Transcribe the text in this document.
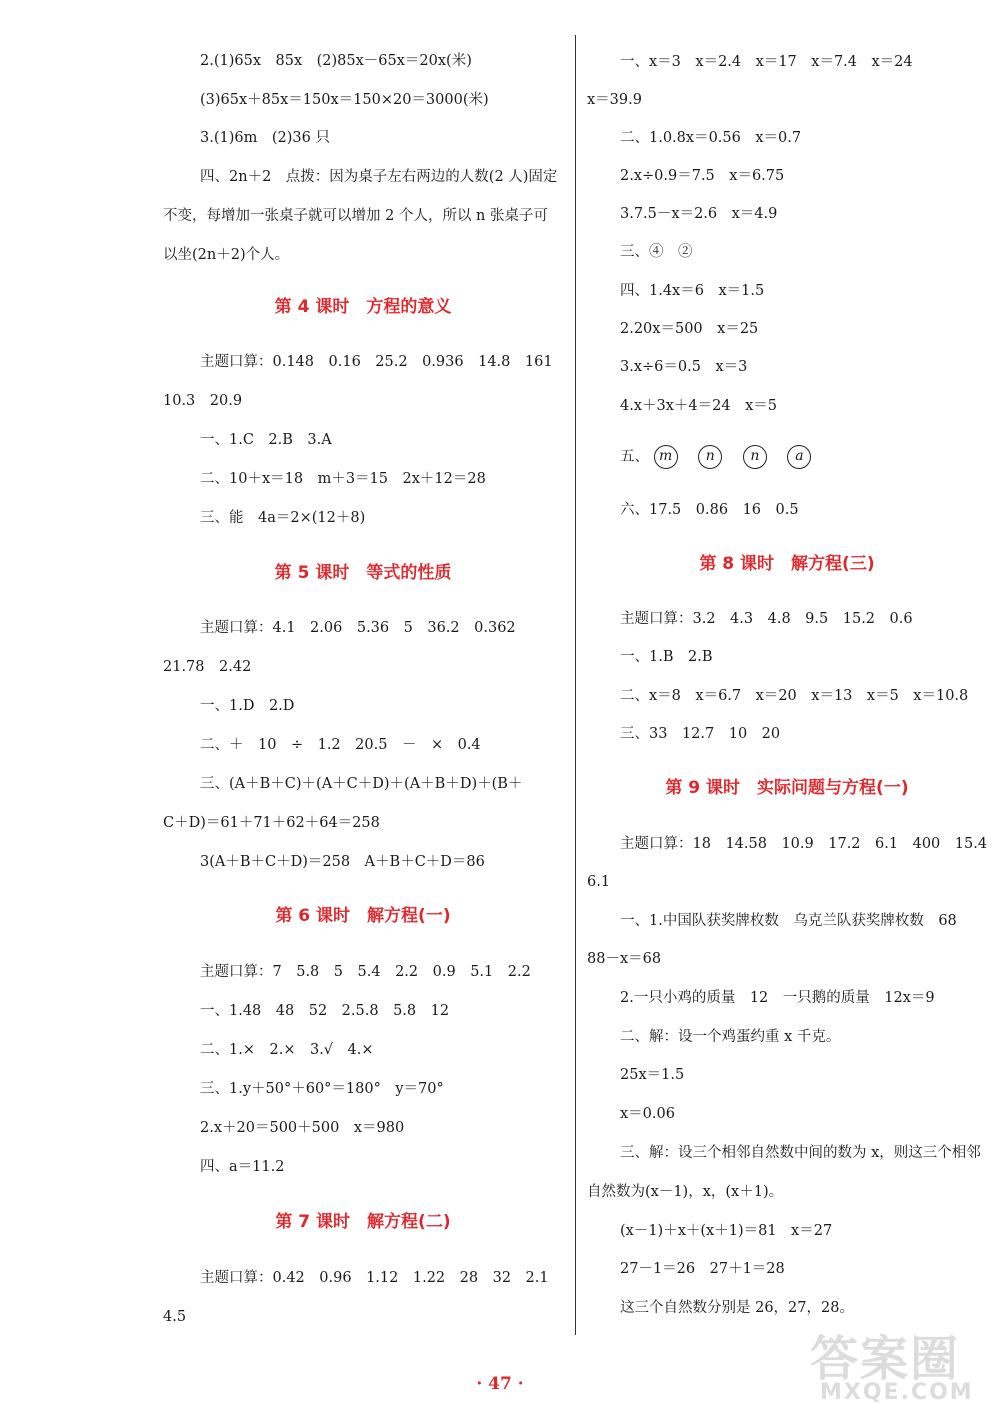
2.(1)65x　85x　(2)85x－65x＝20x(米)
(3)65x＋85x＝150x＝150×20＝3000(米)
3.(1)6m　(2)36 只
四、2n＋2　点拨：因为桌子左右两边的人数(2 人)固定
不变，每增加一张桌子就可以增加 2 个人，所以 n 张桌子可
以坐(2n＋2)个人。
第 4 课时　方程的意义
主题口算：0.148　0.16　25.2　0.936　14.8　161
10.3　20.9
一、1.C　2.B　3.A
二、10＋x＝18　m＋3＝15　2x＋12＝28
三、能　4a＝2×(12＋8)
第 5 课时　等式的性质
主题口算：4.1　2.06　5.36　5　36.2　0.362
21.78　2.42
一、1.D　2.D
二、＋　10　÷　1.2　20.5　－　×　0.4
三、(A＋B＋C)＋(A＋C＋D)＋(A＋B＋D)＋(B＋
C＋D)＝61＋71＋62＋64＝258
3(A＋B＋C＋D)＝258　A＋B＋C＋D＝86
第 6 课时　解方程(一)
主题口算：7　5.8　5　5.4　2.2　0.9　5.1　2.2
一、1.48　48　52　2.5.8　5.8　12
二、1.×　2.×　3.√　4.×
三、1.y＋50°＋60°＝180°　y＝70°
2.x＋20＝500＋500　x＝980
四、a＝11.2
第 7 课时　解方程(二)
主题口算：0.42　0.96　1.12　1.22　28　32　2.1
4.5
一、x＝3　x＝2.4　x＝17　x＝7.4　x＝24
x＝39.9
二、1.0.8x＝0.56　x＝0.7
2.x÷0.9＝7.5　x＝6.75
3.7.5－x＝2.6　x＝4.9
三、④　②
四、1.4x＝6　x＝1.5
2.20x＝500　x＝25
3.x÷6＝0.5　x＝3
4.x＋3x＋4＝24　x＝5
五、 m n	n	a
六、17.5　0.86　16　0.5
第 8 课时　解方程(三)
主题口算：3.2　4.3　4.8　9.5　15.2　0.6
一、1.B　2.B
二、x＝8　x＝6.7　x＝20　x＝13　x＝5　x＝10.8
三、33　12.7　10　20
第 9 课时　实际问题与方程(一)
主题口算：18　14.58　10.9　17.2　6.1　400　15.4
6.1
一、1.中国队获奖牌枚数　乌克兰队获奖牌枚数　68
88－x＝68
2.一只小鸡的质量　12　一只鹅的质量　12x＝9
二、解：设一个鸡蛋约重 x 千克。
25x＝1.5
x＝0.06
三、解：设三个相邻自然数中间的数为 x，则这三个相邻
自然数为(x－1)，x，(x＋1)。
(x－1)＋x＋(x＋1)＝81　x＝27
27－1＝26　27＋1＝28
这三个自然数分别是 26，27，28。
· 47 ·	答案圈
MXQE.COM
